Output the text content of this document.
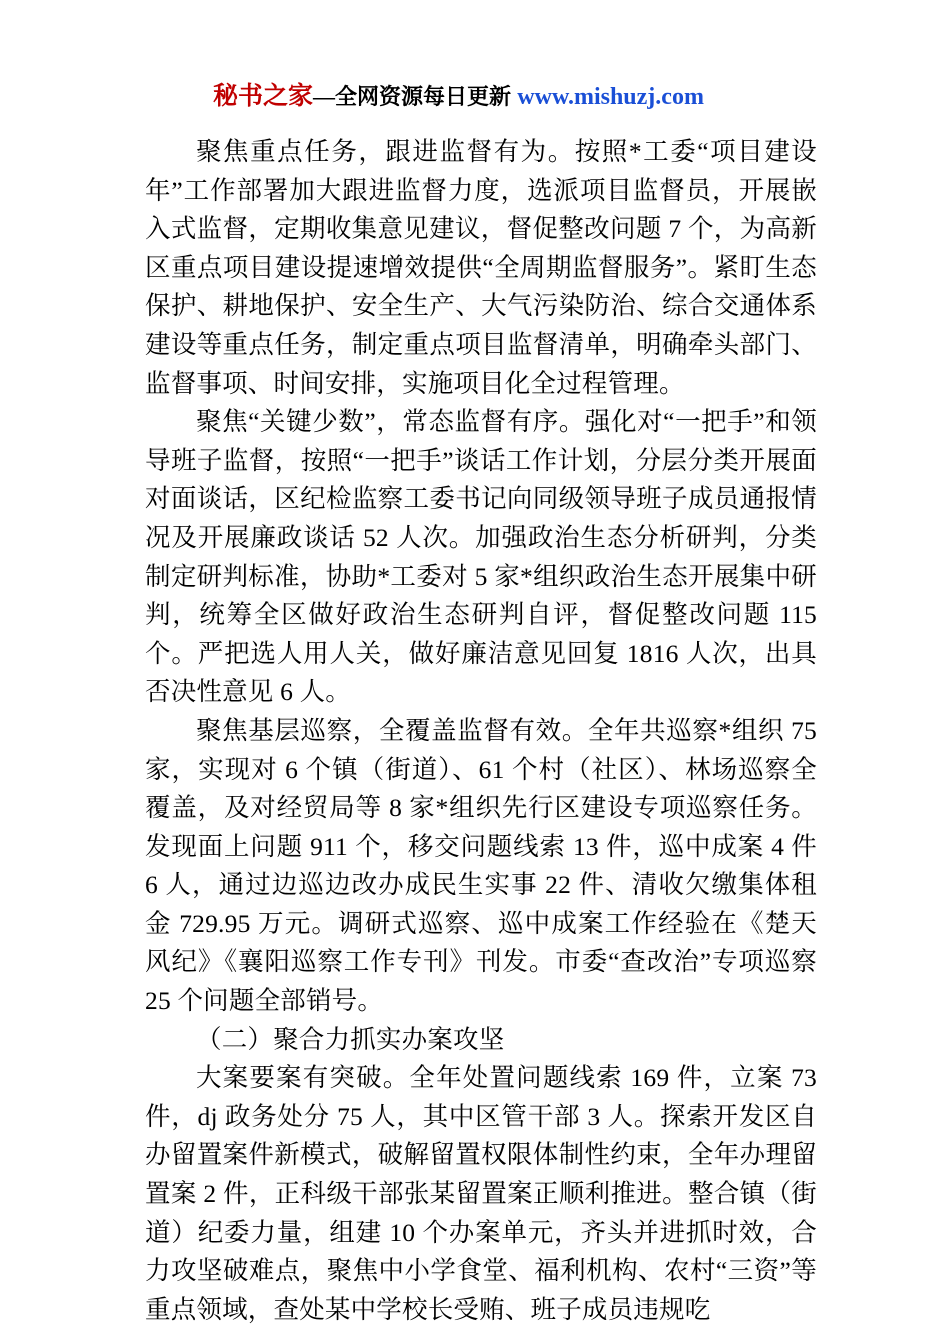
秘书之家—全网资源每日更新 www.mishuzj.com

聚焦重点任务，跟进监督有为。按照*工委“项目建设年”工作部署加大跟进监督力度，选派项目监督员，开展嵌入式监督，定期收集意见建议，督促整改问题 7 个，为高新区重点项目建设提速增效提供“全周期监督服务”。紧盯生态保护、耕地保护、安全生产、大气污染防治、综合交通体系建设等重点任务，制定重点项目监督清单，明确牵头部门、监督事项、时间安排，实施项目化全过程管理。

聚焦“关键少数”，常态监督有序。强化对“一把手”和领导班子监督，按照“一把手”谈话工作计划，分层分类开展面对面谈话，区纪检监察工委书记向同级领导班子成员通报情况及开展廉政谈话 52 人次。加强政治生态分析研判，分类制定研判标准，协助*工委对 5 家*组织政治生态开展集中研判，统筹全区做好政治生态研判自评，督促整改问题 115 个。严把选人用人关，做好廉洁意见回复 1816 人次，出具否决性意见 6 人。

聚焦基层巡察，全覆盖监督有效。全年共巡察*组织 75 家，实现对 6 个镇（街道）、61 个村（社区）、林场巡察全覆盖，及对经贸局等 8 家*组织先行区建设专项巡察任务。发现面上问题 911 个，移交问题线索 13 件，巡中成案 4 件 6 人，通过边巡边改办成民生实事 22 件、清收欠缴集体租金 729.95 万元。调研式巡察、巡中成案工作经验在《楚天风纪》《襄阳巡察工作专刊》刊发。市委“查改治”专项巡察 25 个问题全部销号。

（二）聚合力抓实办案攻坚

大案要案有突破。全年处置问题线索 169 件，立案 73 件，dj 政务处分 75 人，其中区管干部 3 人。探索开发区自办留置案件新模式，破解留置权限体制性约束，全年办理留置案 2 件，正科级干部张某留置案正顺利推进。整合镇（街道）纪委力量，组建 10 个办案单元，齐头并进抓时效，合力攻坚破难点，聚焦中小学食堂、福利机构、农村“三资”等重点领域，查处某中学校长受贿、班子成员违规吃
